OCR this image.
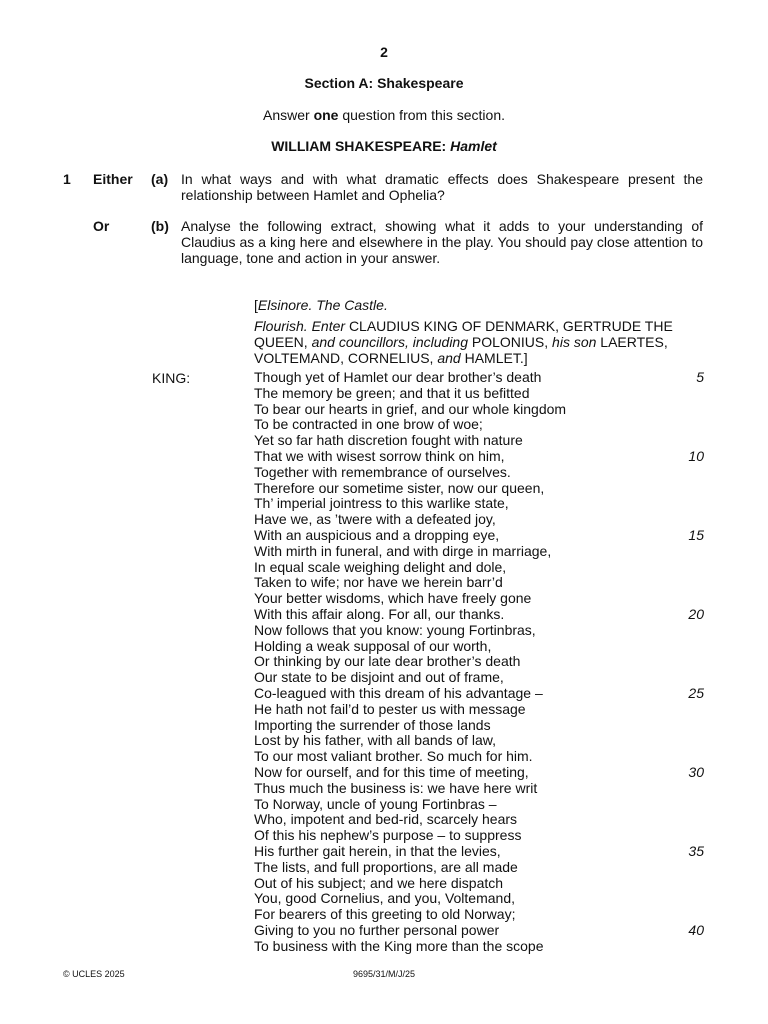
2
Section A: Shakespeare
Answer one question from this section.
WILLIAM SHAKESPEARE: Hamlet
1 Either (a) In what ways and with what dramatic effects does Shakespeare present the relationship between Hamlet and Ophelia?
Or	(b) Analyse the following extract, showing what it adds to your understanding of Claudius as a king here and elsewhere in the play. You should pay close attention to language, tone and action in your answer.
[Elsinore. The Castle.
Flourish. Enter CLAUDIUS KING OF DENMARK, GERTRUDE THE QUEEN, and councillors, including POLONIUS, his son LAERTES, VOLTEMAND, CORNELIUS, and HAMLET.]
KING:	Though yet of Hamlet our dear brother’s death	5
The memory be green; and that it us befitted
To bear our hearts in grief, and our whole kingdom
To be contracted in one brow of woe;
Yet so far hath discretion fought with nature
That we with wisest sorrow think on him,	10
Together with remembrance of ourselves.
Therefore our sometime sister, now our queen,
Th’ imperial jointress to this warlike state,
Have we, as ’twere with a defeated joy,
With an auspicious and a dropping eye,	15
With mirth in funeral, and with dirge in marriage,
In equal scale weighing delight and dole,
Taken to wife; nor have we herein barr’d
Your better wisdoms, which have freely gone
With this affair along. For all, our thanks.	20
Now follows that you know: young Fortinbras,
Holding a weak supposal of our worth,
Or thinking by our late dear brother’s death
Our state to be disjoint and out of frame,
Co-leagued with this dream of his advantage –	25
He hath not fail’d to pester us with message
Importing the surrender of those lands
Lost by his father, with all bands of law,
To our most valiant brother. So much for him.
Now for ourself, and for this time of meeting,	30
Thus much the business is: we have here writ
To Norway, uncle of young Fortinbras –
Who, impotent and bed-rid, scarcely hears
Of this his nephew’s purpose – to suppress
His further gait herein, in that the levies,	35
The lists, and full proportions, are all made
Out of his subject; and we here dispatch
You, good Cornelius, and you, Voltemand,
For bearers of this greeting to old Norway;
Giving to you no further personal power	40
To business with the King more than the scope
© UCLES 2025	9695/31/M/J/25
